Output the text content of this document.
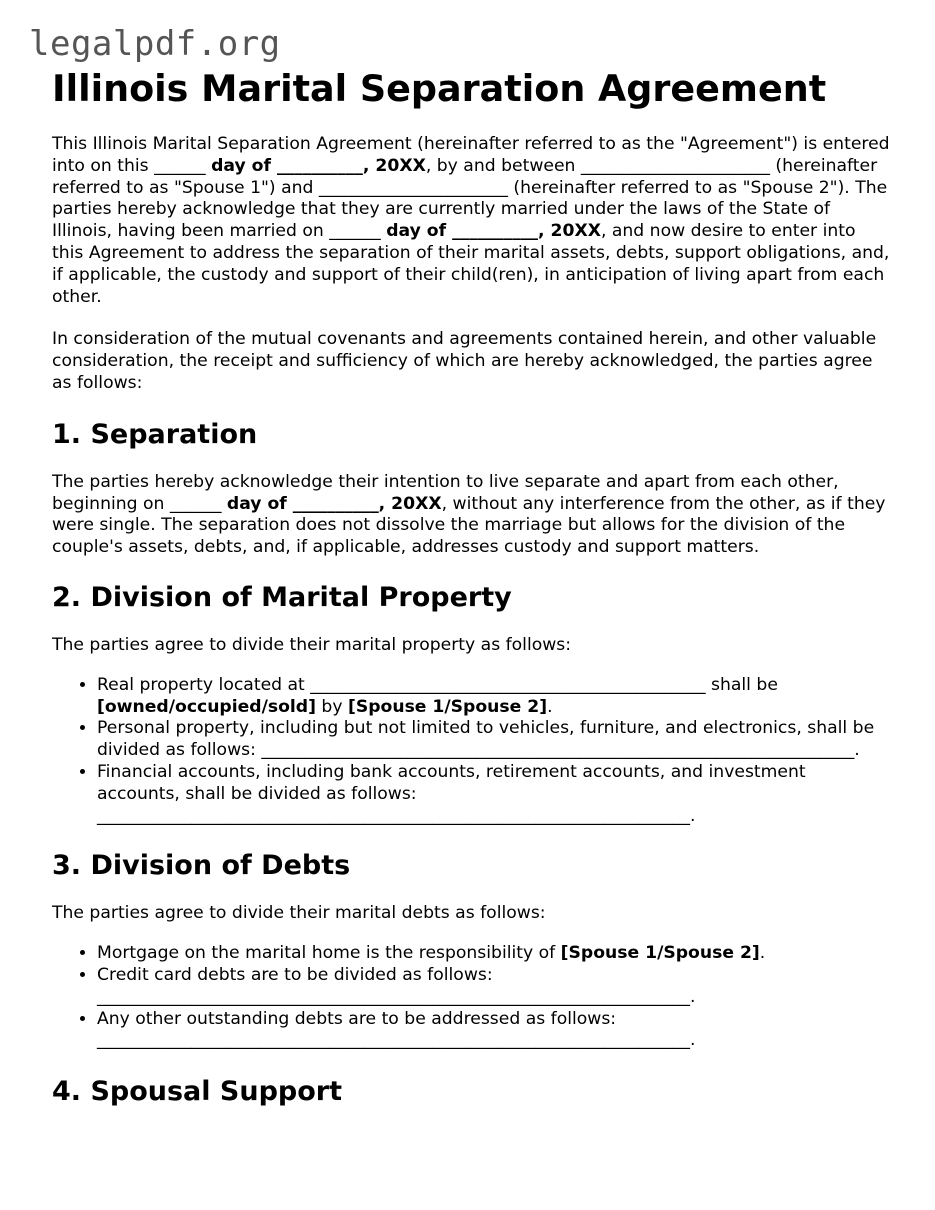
legalpdf.org
Illinois Marital Separation Agreement

This Illinois Marital Separation Agreement (hereinafter referred to as the "Agreement") is entered into on this ______ day of __________, 20XX, by and between ______________________ (hereinafter referred to as "Spouse 1") and ______________________ (hereinafter referred to as "Spouse 2"). The parties hereby acknowledge that they are currently married under the laws of the State of Illinois, having been married on ______ day of __________, 20XX, and now desire to enter into this Agreement to address the separation of their marital assets, debts, support obligations, and, if applicable, the custody and support of their child(ren), in anticipation of living apart from each other.

In consideration of the mutual covenants and agreements contained herein, and other valuable consideration, the receipt and sufficiency of which are hereby acknowledged, the parties agree as follows:

1. Separation

The parties hereby acknowledge their intention to live separate and apart from each other, beginning on ______ day of __________, 20XX, without any interference from the other, as if they were single. The separation does not dissolve the marriage but allows for the division of the couple's assets, debts, and, if applicable, addresses custody and support matters.

2. Division of Marital Property

The parties agree to divide their marital property as follows:

• Real property located at ______________________________________________ shall be [owned/occupied/sold] by [Spouse 1/Spouse 2].
• Personal property, including but not limited to vehicles, furniture, and electronics, shall be divided as follows: _____________________________________________________________________.
• Financial accounts, including bank accounts, retirement accounts, and investment accounts, shall be divided as follows: _____________________________________________________________________.
3. Division of Debts

The parties agree to divide their marital debts as follows:

• Mortgage on the marital home is the responsibility of [Spouse 1/Spouse 2].
• Credit card debts are to be divided as follows: _____________________________________________________________________.
• Any other outstanding debts are to be addressed as follows: _____________________________________________________________________.
4. Spousal Support
